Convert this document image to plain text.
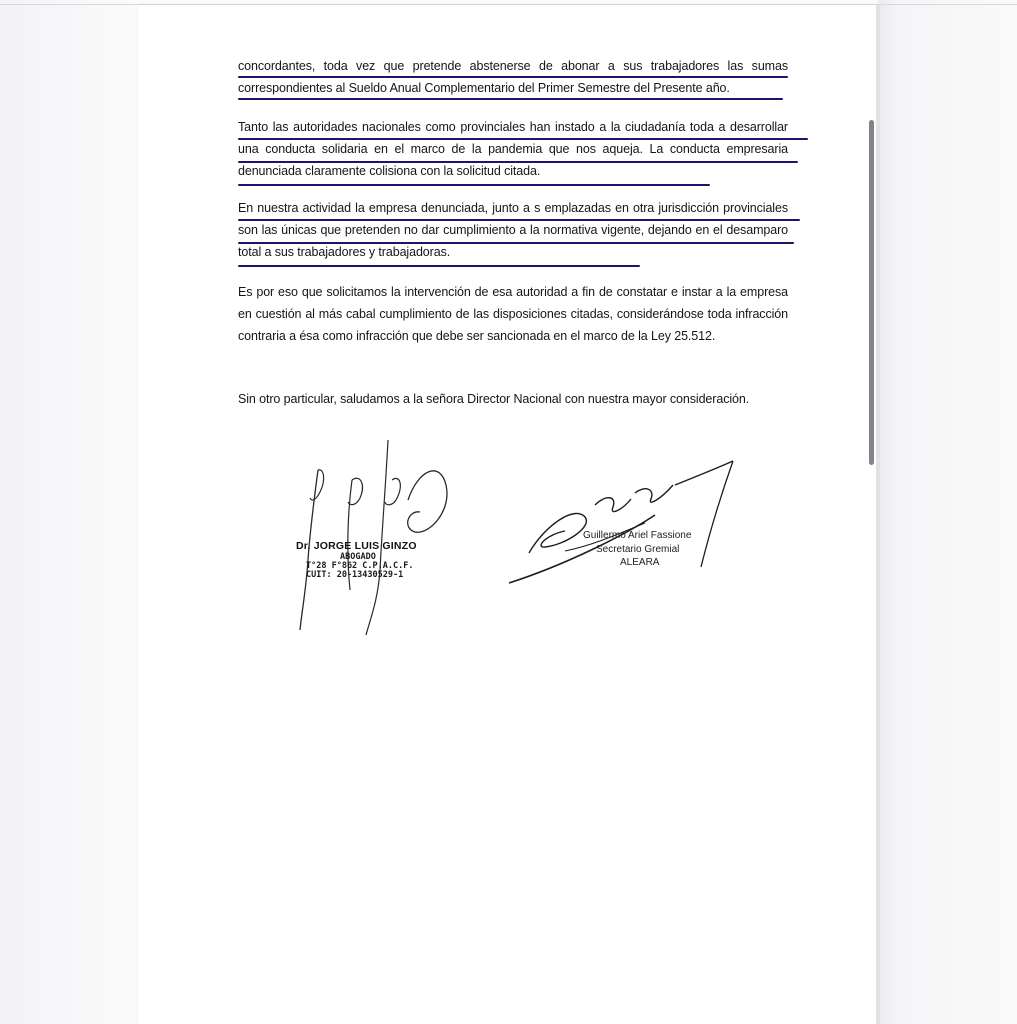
concordantes, toda vez que pretende abstenerse de abonar a sus trabajadores las sumas correspondientes al Sueldo Anual Complementario del Primer Semestre del Presente año.

Tanto las autoridades nacionales como provinciales han instado a la ciudadanía toda a desarrollar una conducta solidaria en el marco de la pandemia que nos aqueja. La conducta empresaria denunciada claramente colisiona con la solicitud citada.

En nuestra actividad la empresa denunciada, junto a s emplazadas en otra jurisdicción provinciales son las únicas que pretenden no dar cumplimiento a la normativa vigente, dejando en el desamparo total a sus trabajadores y trabajadoras.

Es por eso que solicitamos la intervención de esa autoridad a fin de constatar e instar a la empresa en cuestión al más cabal cumplimiento de las disposiciones citadas, considerándose toda infracción contraria a ésa como infracción que debe ser sancionada en el marco de la Ley 25.512.

Sin otro particular, saludamos a la señora Director Nacional con nuestra mayor consideración.

Dr. JORGE LUIS GINZO
ABOGADO
T°28 F°862 C.P.A.C.F.
CUIT: 20-13430529-1
Guillermo Ariel Fassione
Secretario Gremial
ALEARA
